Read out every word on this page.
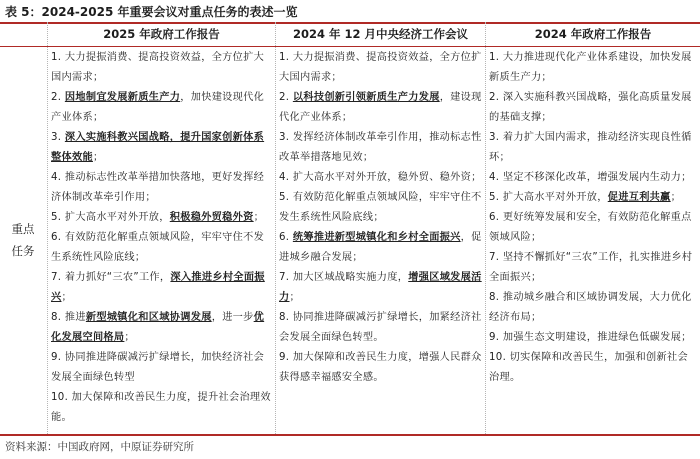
表 5：2024-2025 年重要会议对重点任务的表述一览
2025 年政府工作报告	2024 年 12 月中央经济工作会议	2024 年政府工作报告
重点
任务

1. 大力提振消费、提高投资效益，全方位扩大国内需求；

2. 因地制宜发展新质生产力，加快建设现代化产业体系；

3. 深入实施科教兴国战略，提升国家创新体系整体效能；

4. 推动标志性改革举措加快落地，更好发挥经济体制改革牵引作用；

5. 扩大高水平对外开放，积极稳外贸稳外资；

6. 有效防范化解重点领域风险，牢牢守住不发生系统性风险底线；

7. 着力抓好“三农”工作，深入推进乡村全面振兴；

8. 推进新型城镇化和区域协调发展，进一步优化发展空间格局；

9. 协同推进降碳减污扩绿增长，加快经济社会发展全面绿色转型

10. 加大保障和改善民生力度，提升社会治理效能。

1. 大力提振消费、提高投资效益，全方位扩大国内需求；

2. 以科技创新引领新质生产力发展，建设现代化产业体系；

3. 发挥经济体制改革牵引作用，推动标志性改革举措落地见效；

4. 扩大高水平对外开放，稳外贸、稳外资；

5. 有效防范化解重点领域风险，牢牢守住不发生系统性风险底线；

6. 统筹推进新型城镇化和乡村全面振兴，促进城乡融合发展；

7. 加大区域战略实施力度，增强区域发展活力；

8. 协同推进降碳减污扩绿增长，加紧经济社会发展全面绿色转型。

9. 加大保障和改善民生力度，增强人民群众获得感幸福感安全感。

1. 大力推进现代化产业体系建设，加快发展新质生产力；

2. 深入实施科教兴国战略，强化高质量发展的基础支撑；

3. 着力扩大国内需求，推动经济实现良性循环；

4. 坚定不移深化改革，增强发展内生动力；

5. 扩大高水平对外开放，促进互利共赢；

6. 更好统筹发展和安全，有效防范化解重点领域风险；

7. 坚持不懈抓好“三农”工作，扎实推进乡村全面振兴；

8. 推动城乡融合和区域协调发展，大力优化经济布局；

9. 加强生态文明建设，推进绿色低碳发展；

10. 切实保障和改善民生，加强和创新社会治理。

资料来源：中国政府网，中原证券研究所
